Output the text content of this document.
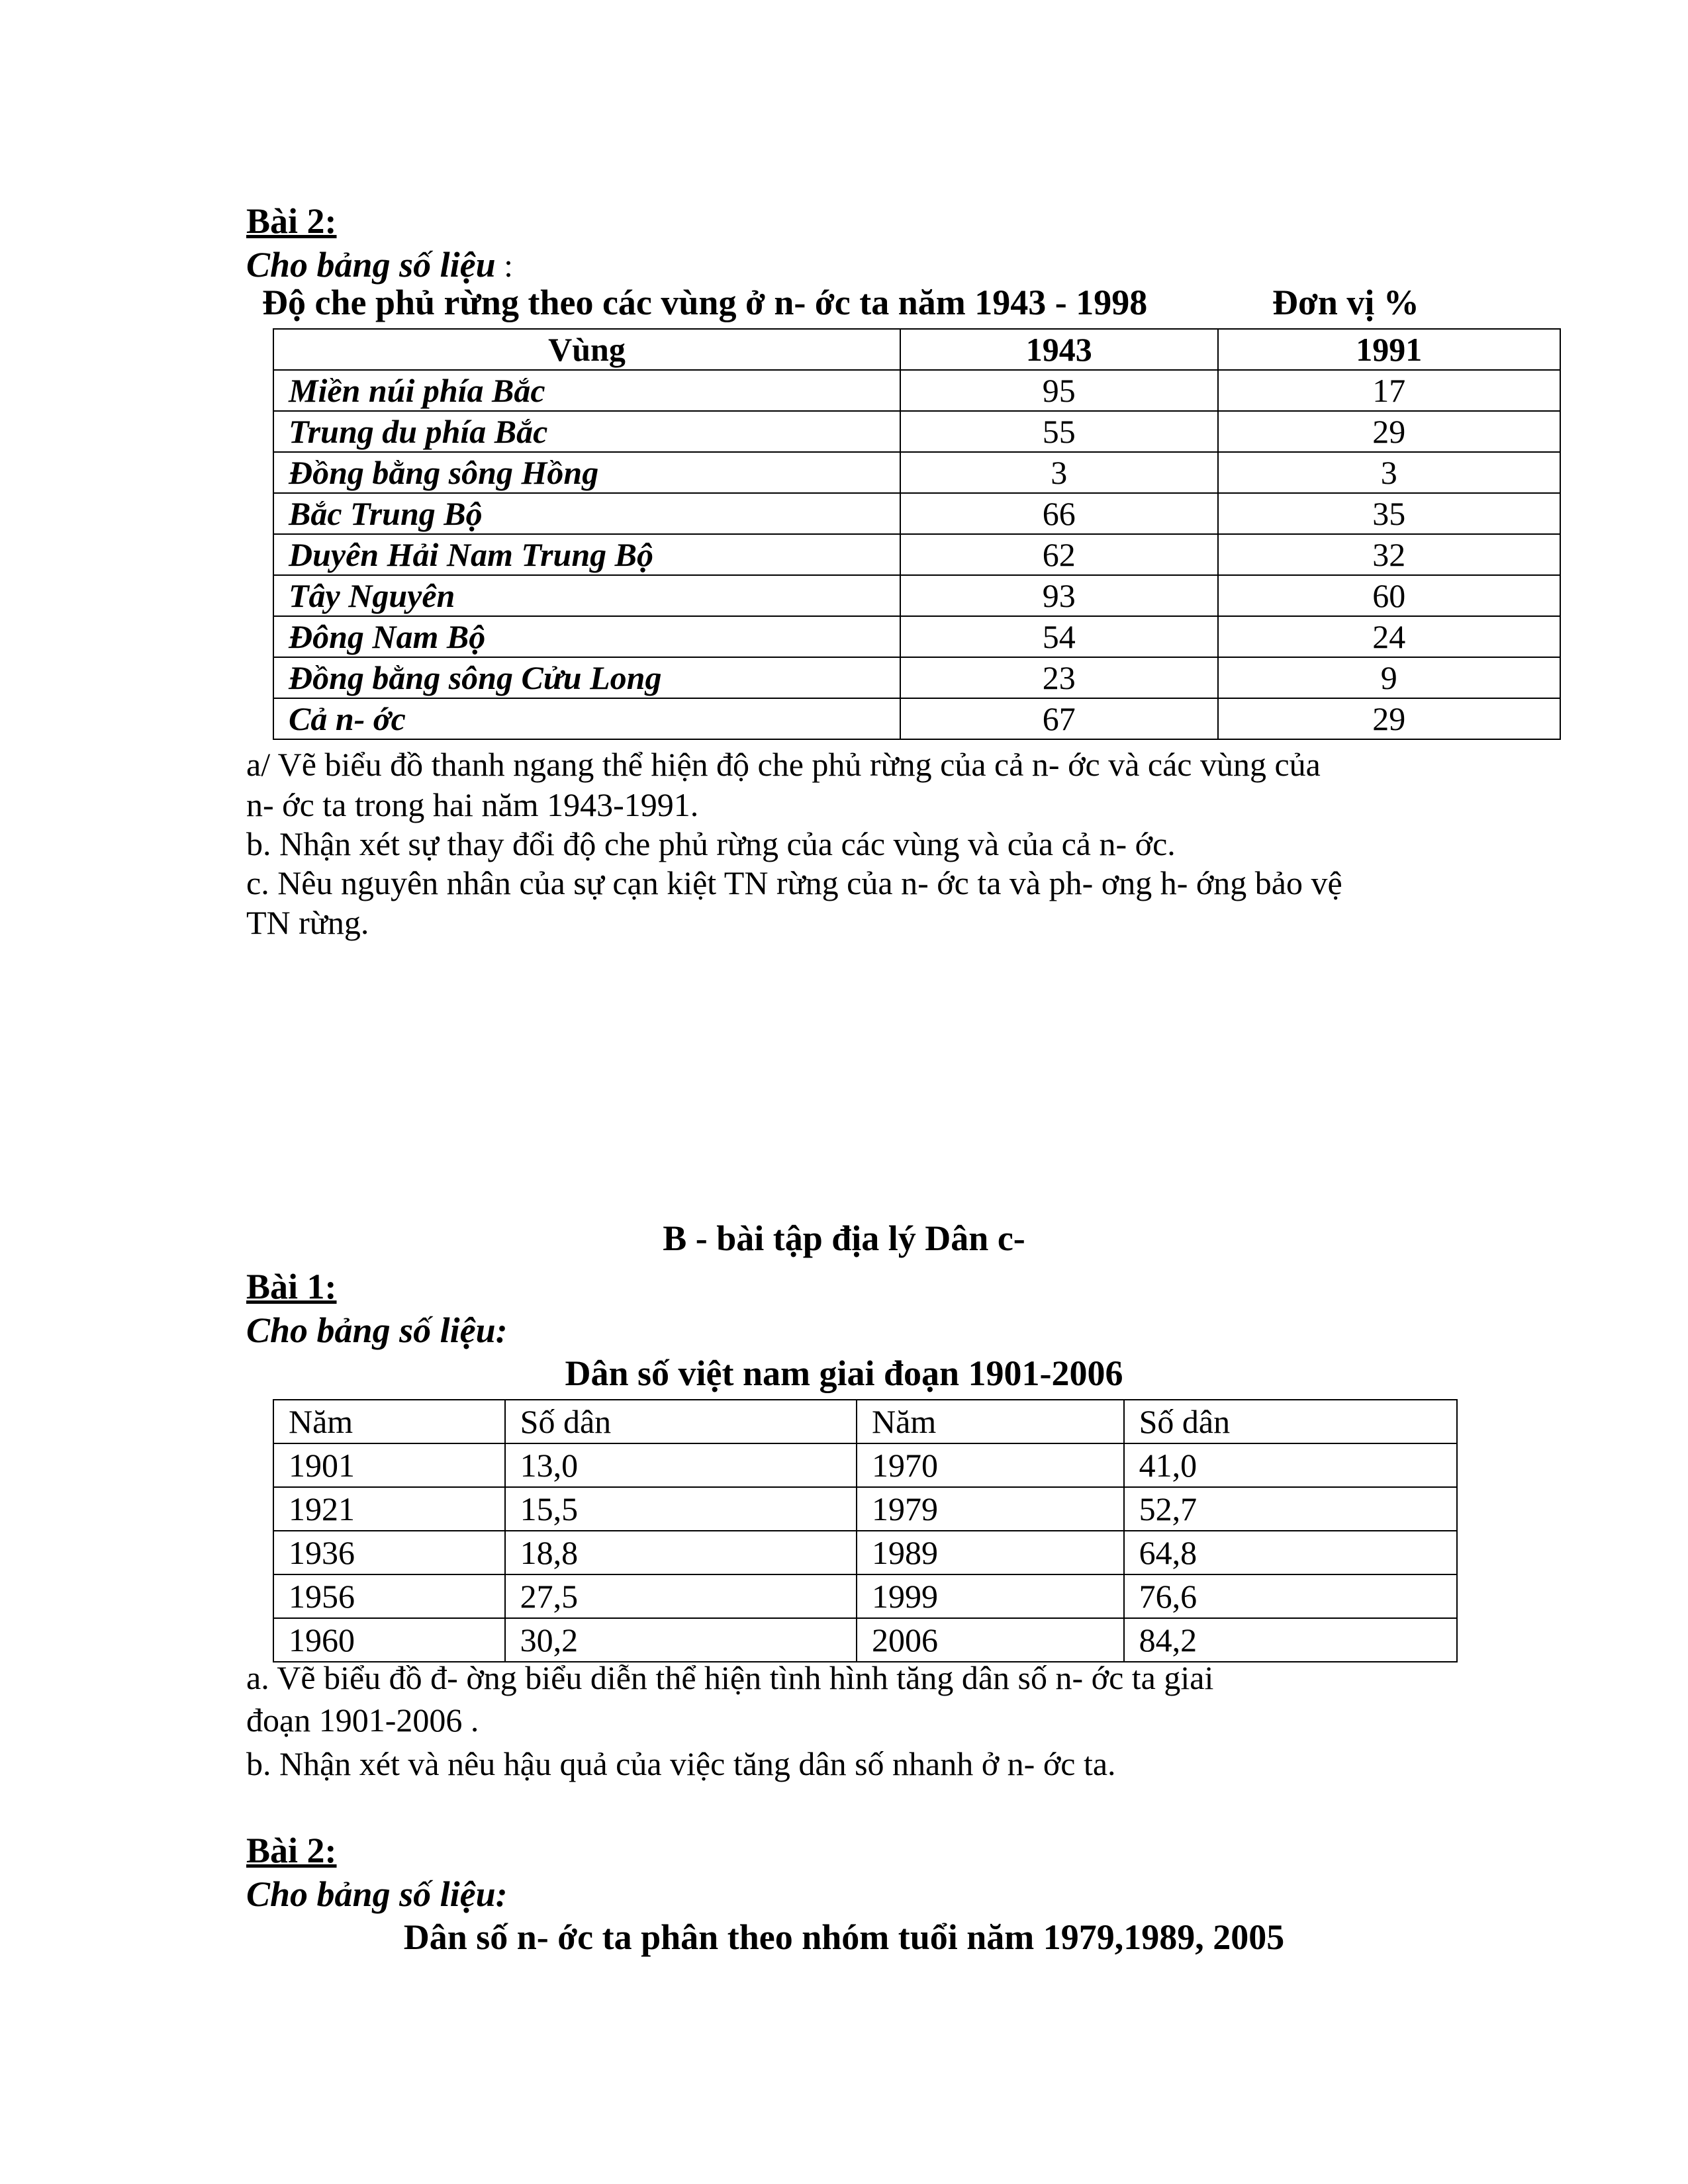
Bài 2:
Cho bảng số liệu :
Độ che phủ rừng theo các vùng ở n- ớc ta năm 1943 - 1998	Đơn vị %
Vùng	1943	1991
Miền núi phía Bắc	95	17
Trung du phía Bắc	55	29
Đồng bằng sông Hồng	3	3
Bắc Trung Bộ	66	35
Duyên Hải Nam Trung Bộ	62	32
Tây Nguyên	93	60
Đông Nam Bộ	54	24
Đồng bằng sông Cửu Long	23	9
Cả n- ớc	67	29
a/ Vẽ biểu đồ thanh ngang thể hiện độ che phủ rừng của cả n- ớc và các vùng của
n- ớc ta trong hai năm 1943-1991.
b. Nhận xét sự thay đổi độ che phủ rừng của các vùng và của cả n- ớc.
c. Nêu nguyên nhân của sự cạn kiệt TN rừng của n- ớc ta và ph- ơng h- ớng bảo vệ
TN rừng.
B - bài tập địa lý Dân c-
Bài 1:
Cho bảng số liệu:
Dân số việt nam giai đoạn 1901-2006
Năm	Số dân	Năm	Số dân
1901	13,0	1970	41,0
1921	15,5	1979	52,7
1936	18,8	1989	64,8
1956	27,5	1999	76,6
1960	30,2	2006	84,2
a. Vẽ biểu đồ đ- ờng biểu diễn thể hiện tình hình tăng dân số n- ớc ta giai
đoạn 1901-2006 .
b. Nhận xét và nêu hậu quả của việc tăng dân số nhanh ở n- ớc ta.
Bài 2:
Cho bảng số liệu:
Dân số n- ớc ta phân theo nhóm tuổi năm 1979,1989, 2005
